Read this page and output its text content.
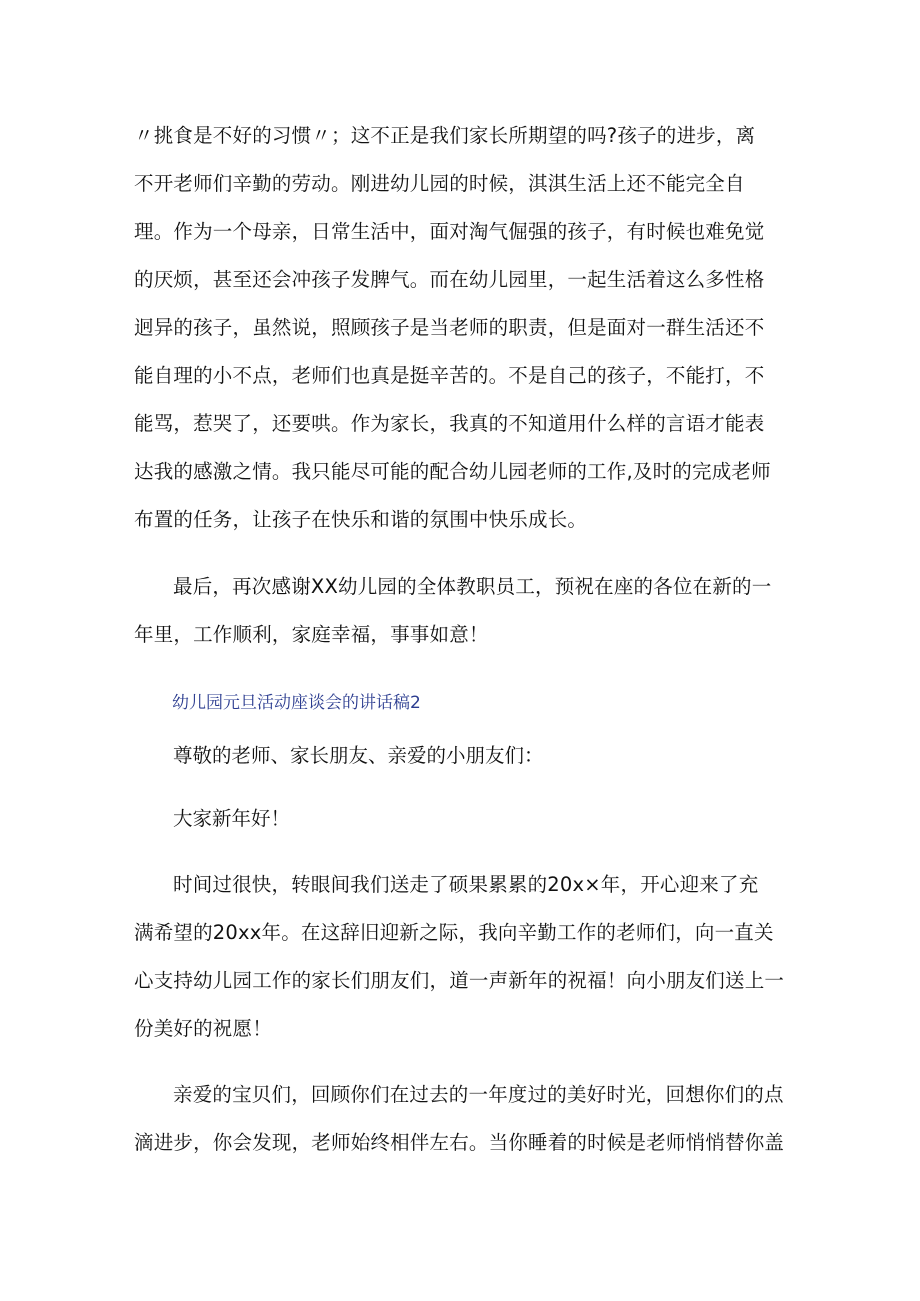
〃挑食是不好的习惯〃；这不正是我们家长所期望的吗?孩子的进步，离
不开老师们辛勤的劳动。刚进幼儿园的时候，淇淇生活上还不能完全自
理。作为一个母亲，日常生活中，面对淘气倔强的孩子，有时候也难免觉
的厌烦，甚至还会冲孩子发脾气。而在幼儿园里，一起生活着这么多性格
迥异的孩子，虽然说，照顾孩子是当老师的职责，但是面对一群生活还不
能自理的小不点，老师们也真是挺辛苦的。不是自己的孩子，不能打，不
能骂，惹哭了，还要哄。作为家长，我真的不知道用什么样的言语才能表
达我的感激之情。我只能尽可能的配合幼儿园老师的工作,及时的完成老师
布置的任务，让孩子在快乐和谐的氛围中快乐成长。
最后，再次感谢XX幼儿园的全体教职员工，预祝在座的各位在新的一
年里，工作顺利，家庭幸福，事事如意！

幼儿园元旦活动座谈会的讲话稿2

尊敬的老师、家长朋友、亲爱的小朋友们：

大家新年好！

时间过很快，转眼间我们送走了硕果累累的20x×年，开心迎来了充
满希望的20xx年。在这辞旧迎新之际，我向辛勤工作的老师们，向一直关
心支持幼儿园工作的家长们朋友们，道一声新年的祝福！向小朋友们送上一
份美好的祝愿！
亲爱的宝贝们，回顾你们在过去的一年度过的美好时光，回想你们的点
滴进步，你会发现，老师始终相伴左右。当你睡着的时候是老师悄悄替你盖
